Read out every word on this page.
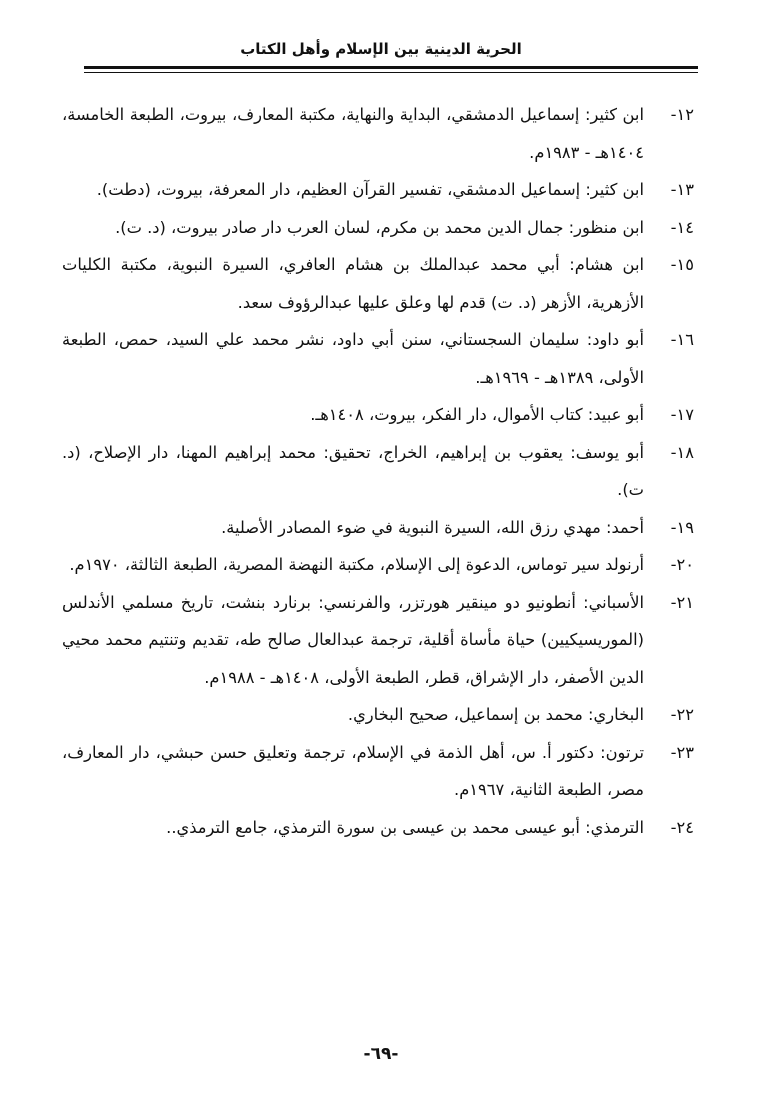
الحرية الدينية بين الإسلام وأهل الكتاب
١٢-
ابن كثير: إسماعيل الدمشقي، البداية والنهاية، مكتبة المعارف، بيروت، الطبعة الخامسة، ١٤٠٤هـ - ١٩٨٣م.
١٣-
ابن كثير: إسماعيل الدمشقي، تفسير القرآن العظيم، دار المعرفة، بيروت، (دطت).
١٤-
ابن منظور: جمال الدين محمد بن مكرم، لسان العرب دار صادر بيروت، (د. ت).
١٥-
ابن هشام: أبي محمد عبدالملك بن هشام العافري، السيرة النبوية، مكتبة الكليات الأزهرية، الأزهر (د. ت) قدم لها وعلق عليها عبدالرؤوف سعد.
١٦-
أبو داود: سليمان السجستاني، سنن أبي داود، نشر محمد علي السيد، حمص، الطبعة الأولى، ١٣٨٩هـ - ١٩٦٩هـ.
١٧-
أبو عبيد: كتاب الأموال، دار الفكر، بيروت، ١٤٠٨هـ.
١٨-
أبو يوسف: يعقوب بن إبراهيم، الخراج، تحقيق: محمد إبراهيم المهنا، دار الإصلاح، (د. ت).
١٩-
أحمد: مهدي رزق الله، السيرة النبوية في ضوء المصادر الأصلية.
٢٠-
أرنولد سير توماس، الدعوة إلى الإسلام، مكتبة النهضة المصرية، الطبعة الثالثة، ١٩٧٠م.
٢١-
الأسباني: أنطونيو دو مينقير هورتزر، والفرنسي: برنارد بنشت، تاريخ مسلمي الأندلس (الموريسيكيين) حياة مأساة أقلية، ترجمة عبدالعال صالح طه، تقديم وتنتيم محمد محيي الدين الأصفر، دار الإشراق، قطر، الطبعة الأولى، ١٤٠٨هـ - ١٩٨٨م.
٢٢-
البخاري: محمد بن إسماعيل، صحيح البخاري.
٢٣-
ترتون: دكتور أ. س، أهل الذمة في الإسلام، ترجمة وتعليق حسن حبشي، دار المعارف، مصر، الطبعة الثانية، ١٩٦٧م.
٢٤-
الترمذي: أبو عيسى محمد بن عيسى بن سورة الترمذي، جامع الترمذي..
-٦٩-
